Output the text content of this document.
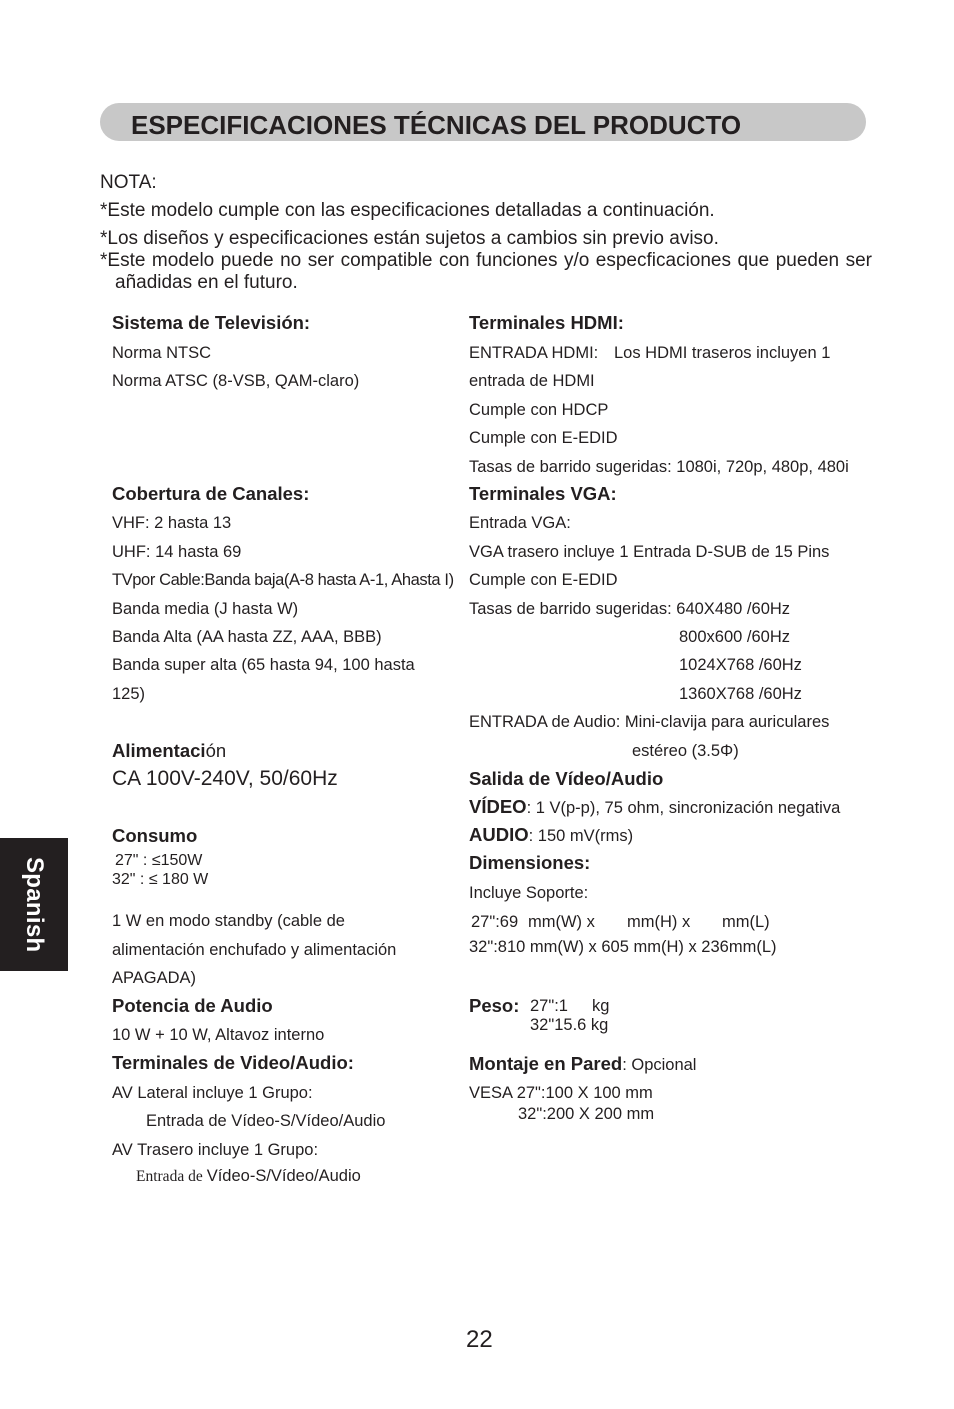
ESPECIFICACIONES TÉCNICAS DEL PRODUCTO
NOTA:
*Este modelo cumple con las especificaciones detalladas a continuación.
*Los diseños y especificaciones están sujetos a cambios sin previo aviso.
*Este modelo puede no ser compatible con funciones y/o especficaciones que pueden ser
añadidas en el futuro.
Sistema de Televisión:
Norma NTSC
Norma ATSC (8-VSB, QAM-claro)
Cobertura de Canales:
VHF: 2 hasta 13
UHF: 14 hasta 69
TVpor Cable:Banda baja(A-8 hasta A-1, Ahasta I)
Banda media (J hasta W)
Banda Alta (AA hasta ZZ, AAA, BBB)
Banda super alta (65 hasta 94, 100 hasta
125)
Alimentación
CA 100V-240V, 50/60Hz
Consumo
27" : ≤150W
32" : ≤ 180 W
1 W en modo standby (cable de
alimentación enchufado y alimentación
APAGADA)
Potencia de Audio
10 W + 10 W, Altavoz interno
Terminales de Video/Audio:
AV Lateral incluye 1 Grupo:
Entrada de Vídeo-S/Vídeo/Audio
AV Trasero incluye 1 Grupo:
Entrada de Vídeo-S/Vídeo/Audio
Terminales HDMI:
ENTRADA HDMI: Los HDMI traseros incluyen 1
entrada de HDMI
Cumple con HDCP
Cumple con E-EDID
Tasas de barrido sugeridas: 1080i, 720p, 480p, 480i
Terminales VGA:
Entrada VGA:
VGA trasero incluye 1 Entrada D-SUB de 15 Pins
Cumple con E-EDID
Tasas de barrido sugeridas: 640X480 /60Hz
800x600 /60Hz
1024X768 /60Hz
1360X768 /60Hz
ENTRADA de Audio: Mini-clavija para auriculares
estéreo (3.5Φ)
Salida de Vídeo/Audio
VÍDEO: 1 V(p-p), 75 ohm, sincronización negativa
AUDIO: 150 mV(rms)
Dimensiones:
Incluye Soporte:
27":69 mm(W) x mm(H) x mm(L)
32":810 mm(W) x 605 mm(H) x 236mm(L)
Peso: 27":1 kg
32"15.6 kg
Montaje en Pared: Opcional
VESA 27":100 X 100 mm
32":200 X 200 mm
Spanish
22
